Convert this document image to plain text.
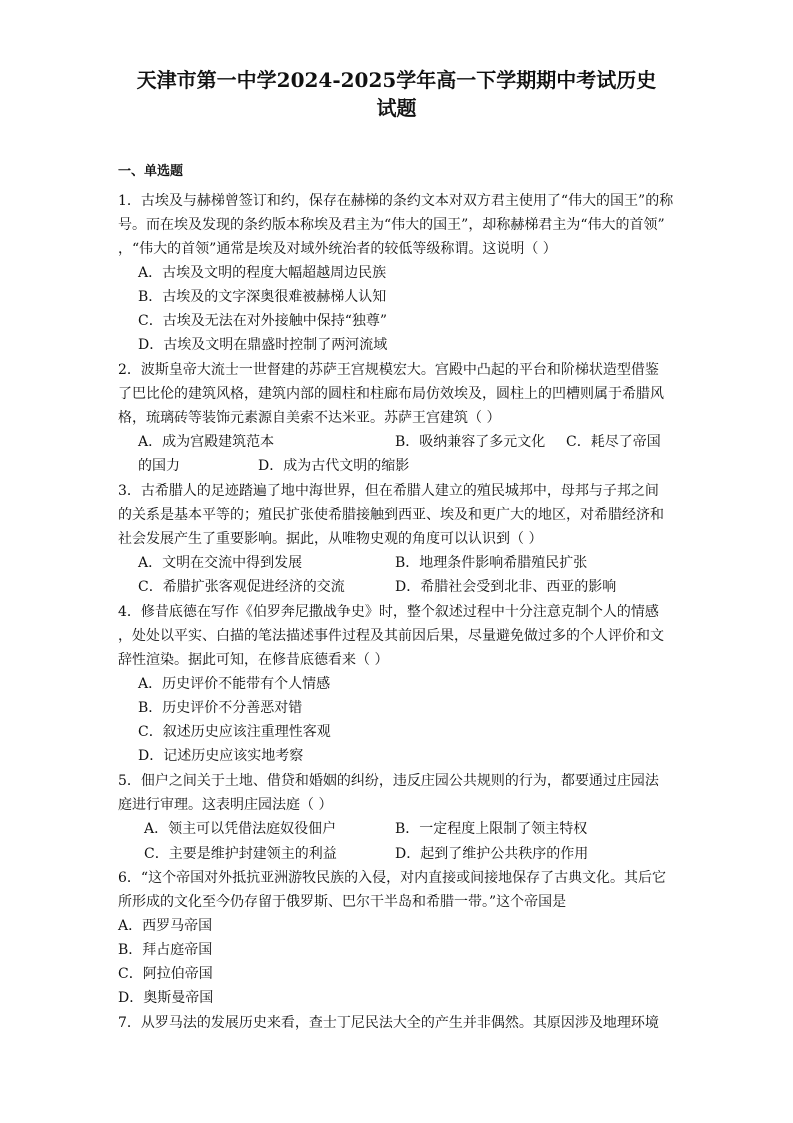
天津市第一中学2024-2025学年高一下学期期中考试历史
试题
一、单选题
1．古埃及与赫梯曾签订和约，保存在赫梯的条约文本对双方君主使用了“伟大的国王”的称
号。而在埃及发现的条约版本称埃及君主为“伟大的国王”，却称赫梯君主为“伟大的首领”
，“伟大的首领”通常是埃及对域外统治者的较低等级称谓。这说明（ ）
A．古埃及文明的程度大幅超越周边民族
B．古埃及的文字深奥很难被赫梯人认知
C．古埃及无法在对外接触中保持“独尊”
D．古埃及文明在鼎盛时控制了两河流域
2．波斯皇帝大流士一世督建的苏萨王宫规模宏大。宫殿中凸起的平台和阶梯状造型借鉴
了巴比伦的建筑风格，建筑内部的圆柱和柱廊布局仿效埃及，圆柱上的凹槽则属于希腊风
格，琉璃砖等装饰元素源自美索不达米亚。苏萨王宫建筑（ ）
A．成为宫殿建筑范本	B．吸纳兼容了多元文化 C．耗尽了帝国
的国力	D．成为古代文明的缩影
3．古希腊人的足迹踏遍了地中海世界，但在希腊人建立的殖民城邦中，母邦与子邦之间
的关系是基本平等的；殖民扩张使希腊接触到西亚、埃及和更广大的地区，对希腊经济和
社会发展产生了重要影响。据此，从唯物史观的角度可以认识到（ ）
A．文明在交流中得到发展	B．地理条件影响希腊殖民扩张
C．希腊扩张客观促进经济的交流	D．希腊社会受到北非、西亚的影响
4．修昔底德在写作《伯罗奔尼撒战争史》时，整个叙述过程中十分注意克制个人的情感
，处处以平实、白描的笔法描述事件过程及其前因后果，尽量避免做过多的个人评价和文
辞性渲染。据此可知，在修昔底德看来（ ）
A．历史评价不能带有个人情感
B．历史评价不分善恶对错
C．叙述历史应该注重理性客观
D．记述历史应该实地考察
5．佃户之间关于土地、借贷和婚姻的纠纷，违反庄园公共规则的行为，都要通过庄园法
庭进行审理。这表明庄园法庭（ ）
A．领主可以凭借法庭奴役佃户	B．一定程度上限制了领主特权
C．主要是维护封建领主的利益	D．起到了维护公共秩序的作用
6．“这个帝国对外抵抗亚洲游牧民族的入侵，对内直接或间接地保存了古典文化。其后它
所形成的文化至今仍存留于俄罗斯、巴尔干半岛和希腊一带。”这个帝国是
A．西罗马帝国
B．拜占庭帝国
C．阿拉伯帝国
D．奥斯曼帝国
7．从罗马法的发展历史来看，查士丁尼民法大全的产生并非偶然。其原因涉及地理环境
